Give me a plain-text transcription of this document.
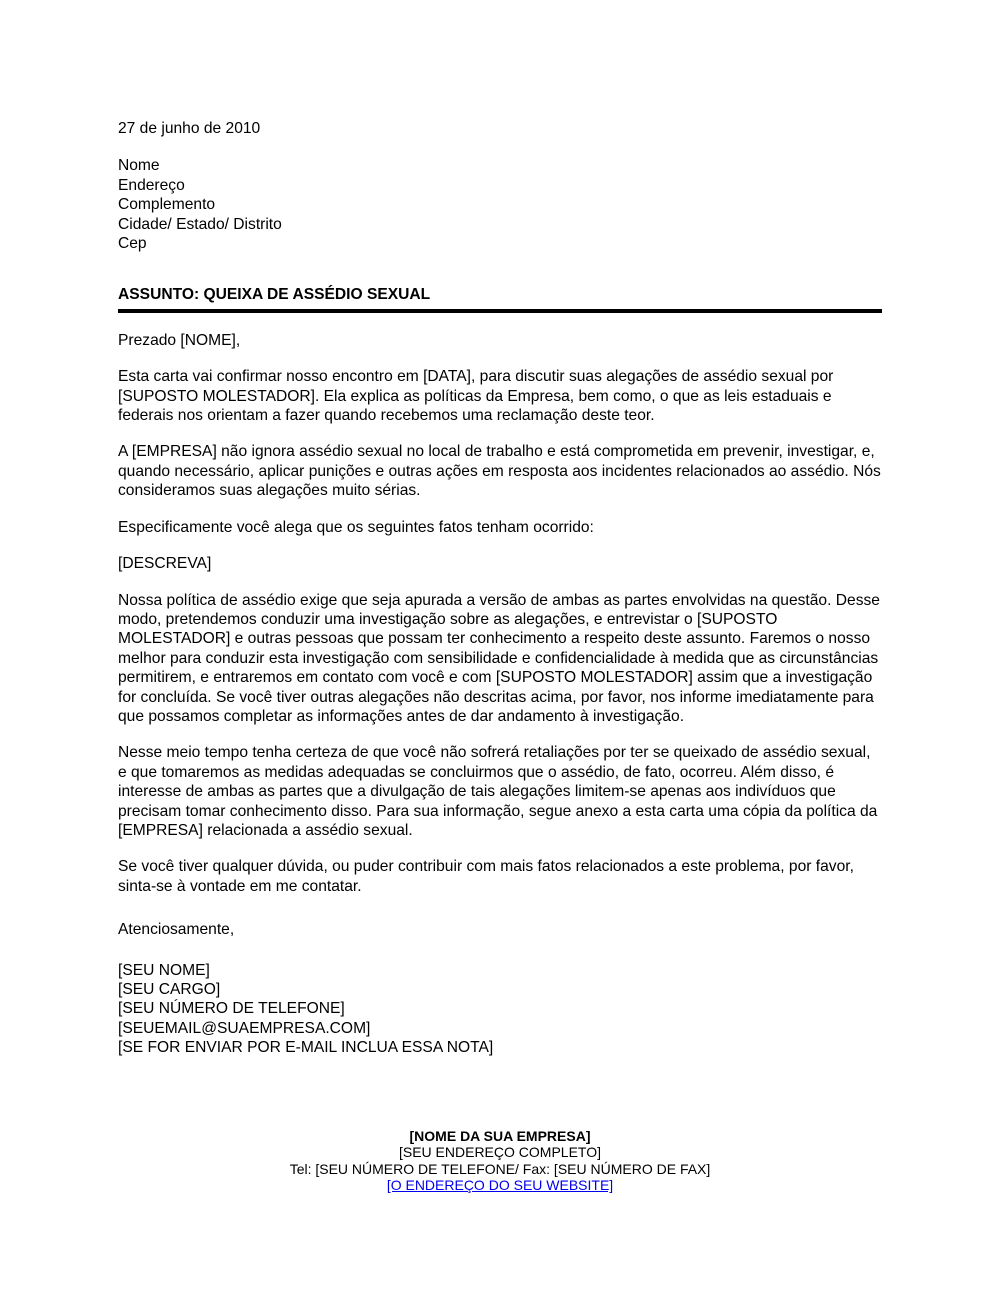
27 de junho de 2010

Nome

Endereço

Complemento

Cidade/ Estado/ Distrito

Cep

ASSUNTO: QUEIXA DE ASSÉDIO SEXUAL

Prezado [NOME],

Esta carta vai confirmar nosso encontro em [DATA], para discutir suas alegações de assédio sexual por [SUPOSTO MOLESTADOR]. Ela explica as políticas da Empresa, bem como, o que as leis estaduais e federais nos orientam a fazer quando recebemos uma reclamação deste teor.

A [EMPRESA] não ignora assédio sexual no local de trabalho e está comprometida em prevenir, investigar, e, quando necessário, aplicar punições e outras ações em resposta aos incidentes relacionados ao assédio. Nós consideramos suas alegações muito sérias.

Especificamente você alega que os seguintes fatos tenham ocorrido:

[DESCREVA]

Nossa política de assédio exige que seja apurada a versão de ambas as partes envolvidas na questão. Desse modo, pretendemos conduzir uma investigação sobre as alegações, e entrevistar o [SUPOSTO MOLESTADOR] e outras pessoas que possam ter conhecimento a respeito deste assunto. Faremos o nosso melhor para conduzir esta investigação com sensibilidade e confidencialidade à medida que as circunstâncias permitirem, e entraremos em contato com você e com [SUPOSTO MOLESTADOR] assim que a investigação for concluída. Se você tiver outras alegações não descritas acima, por favor, nos informe imediatamente para que possamos completar as informações antes de dar andamento à investigação.

Nesse meio tempo tenha certeza de que você não sofrerá retaliações por ter se queixado de assédio sexual, e que tomaremos as medidas adequadas se concluirmos que o assédio, de fato, ocorreu. Além disso, é interesse de ambas as partes que a divulgação de tais alegações limitem-se apenas aos indivíduos que precisam tomar conhecimento disso. Para sua informação, segue anexo a esta carta uma cópia da política da [EMPRESA] relacionada a assédio sexual.

Se você tiver qualquer dúvida, ou puder contribuir com mais fatos relacionados a este problema, por favor, sinta-se à vontade em me contatar.

Atenciosamente,

[SEU NOME]

[SEU CARGO]

[SEU NÚMERO DE TELEFONE]

[SEUEMAIL@SUAEMPRESA.COM]

[SE FOR ENVIAR POR E-MAIL INCLUA ESSA NOTA]

[NOME DA SUA EMPRESA]

[SEU ENDEREÇO COMPLETO]

Tel: [SEU NÚMERO DE TELEFONE/ Fax: [SEU NÚMERO DE FAX]

[O ENDEREÇO DO SEU WEBSITE]
